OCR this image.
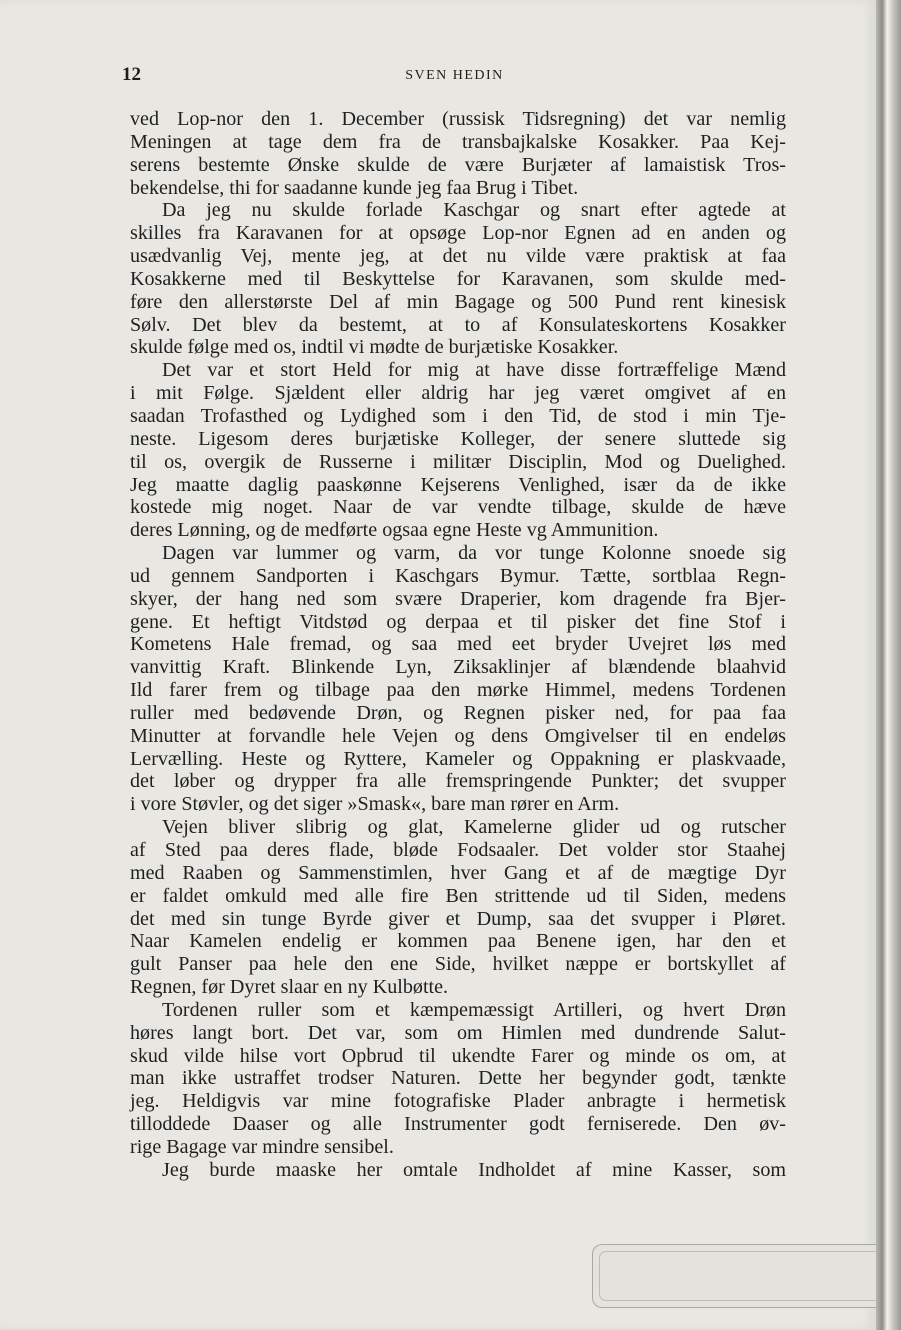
12	SVEN HEDIN
ved Lop-nor den 1. December (russisk Tidsregning) det var nemlig
Meningen at tage dem fra de transbajkalske Kosakker. Paa Kej-
serens bestemte Ønske skulde de være Burjæter af lamaistisk Tros-
bekendelse, thi for saadanne kunde jeg faa Brug i Tibet.
Da jeg nu skulde forlade Kaschgar og snart efter agtede at
skilles fra Karavanen for at opsøge Lop-nor Egnen ad en anden og
usædvanlig Vej, mente jeg, at det nu vilde være praktisk at faa
Kosakkerne med til Beskyttelse for Karavanen, som skulde med-
føre den allerstørste Del af min Bagage og 500 Pund rent kinesisk
Sølv. Det blev da bestemt, at to af Konsulateskortens Kosakker
skulde følge med os, indtil vi mødte de burjætiske Kosakker.
Det var et stort Held for mig at have disse fortræffelige Mænd
i mit Følge. Sjældent eller aldrig har jeg været omgivet af en
saadan Trofasthed og Lydighed som i den Tid, de stod i min Tje-
neste. Ligesom deres burjætiske Kolleger, der senere sluttede sig
til os, overgik de Russerne i militær Disciplin, Mod og Duelighed.
Jeg maatte daglig paaskønne Kejserens Venlighed, især da de ikke
kostede mig noget. Naar de var vendte tilbage, skulde de hæve
deres Lønning, og de medførte ogsaa egne Heste vg Ammunition.
Dagen var lummer og varm, da vor tunge Kolonne snoede sig
ud gennem Sandporten i Kaschgars Bymur. Tætte, sortblaa Regn-
skyer, der hang ned som svære Draperier, kom dragende fra Bjer-
gene. Et heftigt Vitdstød og derpaa et til pisker det fine Stof i
Kometens Hale fremad, og saa med eet bryder Uvejret løs med
vanvittig Kraft. Blinkende Lyn, Ziksaklinjer af blændende blaahvid
Ild farer frem og tilbage paa den mørke Himmel, medens Tordenen
ruller med bedøvende Drøn, og Regnen pisker ned, for paa faa
Minutter at forvandle hele Vejen og dens Omgivelser til en endeløs
Lervælling. Heste og Ryttere, Kameler og Oppakning er plaskvaade,
det løber og drypper fra alle fremspringende Punkter; det svupper
i vore Støvler, og det siger »Smask«, bare man rører en Arm.
Vejen bliver slibrig og glat, Kamelerne glider ud og rutscher
af Sted paa deres flade, bløde Fodsaaler. Det volder stor Staahej
med Raaben og Sammenstimlen, hver Gang et af de mægtige Dyr
er faldet omkuld med alle fire Ben strittende ud til Siden, medens
det med sin tunge Byrde giver et Dump, saa det svupper i Pløret.
Naar Kamelen endelig er kommen paa Benene igen, har den et
gult Panser paa hele den ene Side, hvilket næppe er bortskyllet af
Regnen, før Dyret slaar en ny Kulbøtte.
Tordenen ruller som et kæmpemæssigt Artilleri, og hvert Drøn
høres langt bort. Det var, som om Himlen med dundrende Salut-
skud vilde hilse vort Opbrud til ukendte Farer og minde os om, at
man ikke ustraffet trodser Naturen. Dette her begynder godt, tænkte
jeg. Heldigvis var mine fotografiske Plader anbragte i hermetisk
tilloddede Daaser og alle Instrumenter godt ferniserede. Den øv-
rige Bagage var mindre sensibel.
Jeg burde maaske her omtale Indholdet af mine Kasser, som
